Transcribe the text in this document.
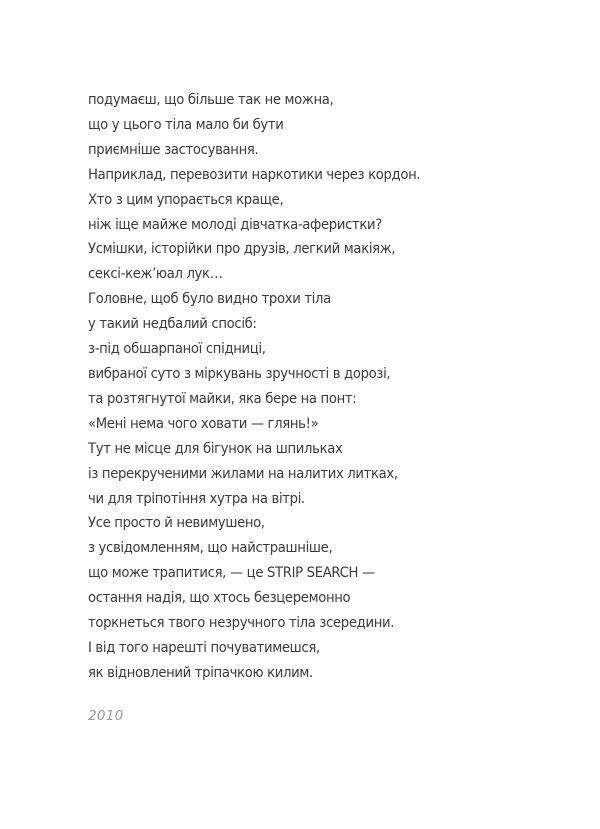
подумаєш, що більше так не можна,
що у цього тіла мало би бути
приємніше застосування.
Наприклад, перевозити наркотики через кордон.
Хто з цим упорається краще,
ніж іще майже молоді дівчатка-аферистки?
Усмішки, історійки про друзів, легкий макіяж,
сексі-кеж’юал лук…
Головне, щоб було видно трохи тіла
у такий недбалий спосіб:
з-під обшарпаної спідниці,
вибраної суто з міркувань зручності в дорозі,
та розтягнутої майки, яка бере на понт:
«Мені нема чого ховати — глянь!»
Тут не місце для бігунок на шпильках
із перекрученими жилами на налитих литках,
чи для тріпотіння хутра на вітрі.
Усе просто й невимушено,
з усвідомленням, що найстрашніше,
що може трапитися, — це STRIP SEARCH —
остання надія, що хтось безцеремонно
торкнеться твого незручного тіла зсередини.
І від того нарешті почуватимешся,
як відновлений тріпачкою килим.
2010
